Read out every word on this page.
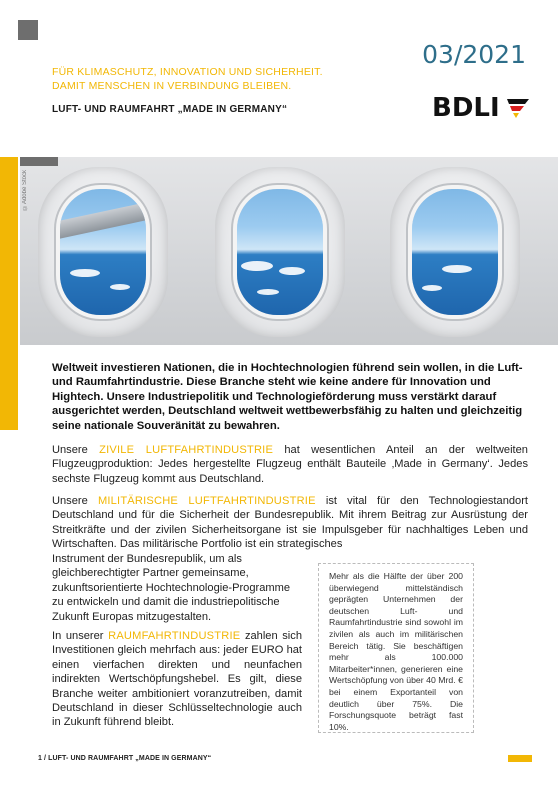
FÜR KLIMASCHUTZ, INNOVATION UND SICHERHEIT.
DAMIT MENSCHEN IN VERBINDUNG BLEIBEN.
LUFT- UND RAUMFAHRT „MADE IN GERMANY“
03/2021
BDLI
©Adobe Stock
Weltweit investieren Nationen, die in Hochtechnologien führend sein wollen, in die Luft- und Raumfahrtindustrie. Diese Branche steht wie keine andere für Innovation und Hightech. Unsere Industriepolitik und Technologieförderung muss verstärkt darauf ausgerichtet werden, Deutschland weltweit wettbewerbsfähig zu halten und gleichzeitig seine nationale Souveränität zu bewahren.
Unsere ZIVILE LUFTFAHRTINDUSTRIE hat wesentlichen Anteil an der weltweiten Flugzeugproduktion: Jedes hergestellte Flugzeug enthält Bauteile ‚Made in Germany‘. Jedes sechste Flugzeug kommt aus Deutschland.
Unsere MILITÄRISCHE LUFTFAHRTINDUSTRIE ist vital für den Technologiestandort Deutschland und für die Sicherheit der Bundesrepublik. Mit ihrem Beitrag zur Ausrüstung der Streitkräfte und der zivilen Sicherheitsorgane ist sie Impulsgeber für nachhaltiges Leben und Wirtschaften. Das militärische Portfolio ist ein strategisches
Instrument der Bundesrepublik, um als gleichberechtigter Partner gemeinsame, zukunftsorientierte Hochtechnologie-Programme zu entwickeln und damit die industriepolitische Zukunft Europas mitzugestalten.
In unserer RAUMFAHRTINDUSTRIE zahlen sich Investitionen gleich mehrfach aus: jeder EURO hat einen vierfachen direkten und neunfachen indirekten Wertschöpfungshebel. Es gilt, diese Branche weiter ambitioniert voranzutreiben, damit Deutschland in dieser Schlüsseltechnologie auch in Zukunft führend bleibt.
Mehr als die Hälfte der über 200 überwiegend mittelständisch geprägten Unternehmen der deutschen Luft- und Raumfahrtindustrie sind sowohl im zivilen als auch im militärischen Bereich tätig. Sie beschäftigen mehr als 100.000 Mitarbeiter*innen, generieren eine Wertschöpfung von über 40 Mrd. € bei einem Exportanteil von deutlich über 75%. Die Forschungsquote beträgt fast 10%.
1 / LUFT- UND RAUMFAHRT „MADE IN GERMANY“
